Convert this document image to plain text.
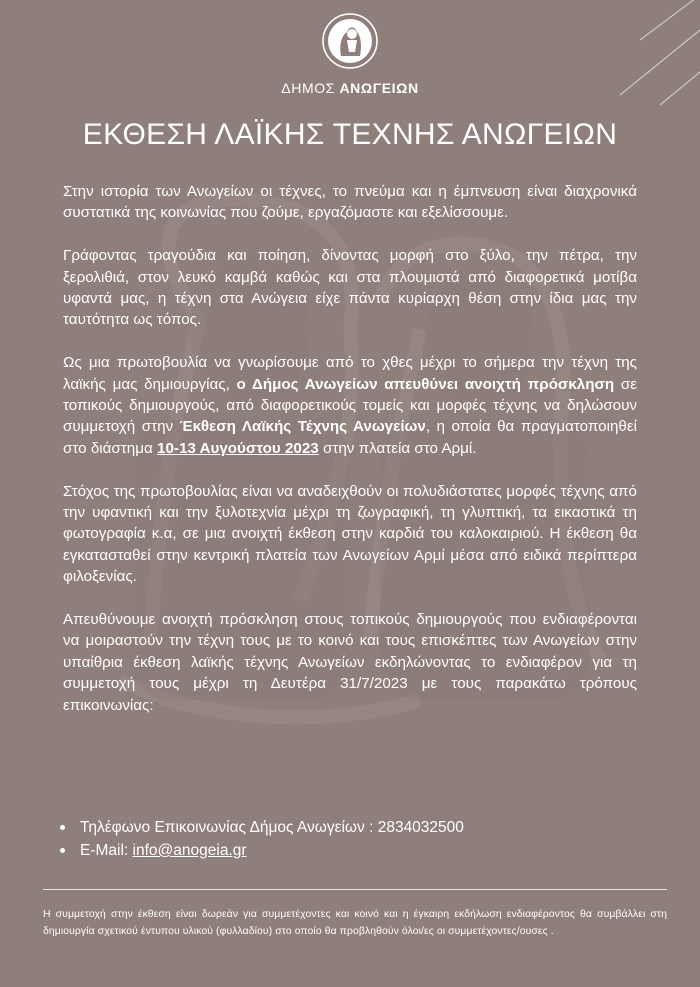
ΔΗΜΟΣ ΑΝΩΓΕΙΩΝ
ΕΚΘΕΣΗ ΛΑΪΚΗΣ ΤΕΧΝΗΣ ΑΝΩΓΕΙΩΝ

Στην ιστορία των Ανωγείων οι τέχνες, το πνεύμα και η έμπνευση είναι διαχρονικά συστατικά της κοινωνίας που ζούμε, εργαζόμαστε και εξελίσσουμε.

Γράφοντας τραγούδια και ποίηση, δίνοντας μορφή στο ξύλο, την πέτρα, την ξερολιθιά, στον λευκό καμβά καθώς και στα πλουμιστά από διαφορετικά μοτίβα υφαντά μας, η τέχνη στα Ανώγεια είχε πάντα κυρίαρχη θέση στην ίδια μας την ταυτότητα ως τόπος.

Ως μια πρωτοβουλία να γνωρίσουμε από το χθες μέχρι το σήμερα την τέχνη της λαϊκής μας δημιουργίας, ο Δήμος Ανωγείων απευθύνει ανοιχτή πρόσκληση σε τοπικούς δημιουργούς, από διαφορετικούς τομείς και μορφές τέχνης να δηλώσουν συμμετοχή στην Έκθεση Λαϊκής Τέχνης Ανωγείων, η οποία θα πραγματοποιηθεί στο διάστημα 10-13 Αυγούστου 2023 στην πλατεία στο Αρμί.

Στόχος της πρωτοβουλίας είναι να αναδειχθούν οι πολυδιάστατες μορφές τέχνης από την υφαντική και την ξυλοτεχνία μέχρι τη ζωγραφική, τη γλυπτική, τα εικαστικά τη φωτογραφία κ.α, σε μια ανοιχτή έκθεση στην καρδιά του καλοκαιριού. Η έκθεση θα εγκατασταθεί στην κεντρική πλατεία των Ανωγείων Αρμί μέσα από ειδικά περίπτερα φιλοξενίας.

Απευθύνουμε ανοιχτή πρόσκληση στους τοπικούς δημιουργούς που ενδιαφέρονται να μοιραστούν την τέχνη τους με το κοινό και τους επισκέπτες των Ανωγείων στην υπαίθρια έκθεση λαϊκής τέχνης Ανωγείων εκδηλώνοντας το ενδιαφέρον για τη συμμετοχή τους μέχρι τη Δευτέρα 31/7/2023 με τους παρακάτω τρόπους επικοινωνίας:

Τηλέφωνο Επικοινωνίας Δήμος Ανωγείων : 2834032500
E-Mail: info@anogeia.gr
Η συμμετοχή στην έκθεση είναι δωρεάν για συμμετέχοντες και κοινό και η έγκαιρη εκδήλωση ενδιαφέροντος θα συμβάλλει στη δημιουργία σχετικού έντυπου υλικού (φυλλαδίου) στο οποίο θα προβληθούν όλοι/ες οι συμμετέχοντες/ουσες .
